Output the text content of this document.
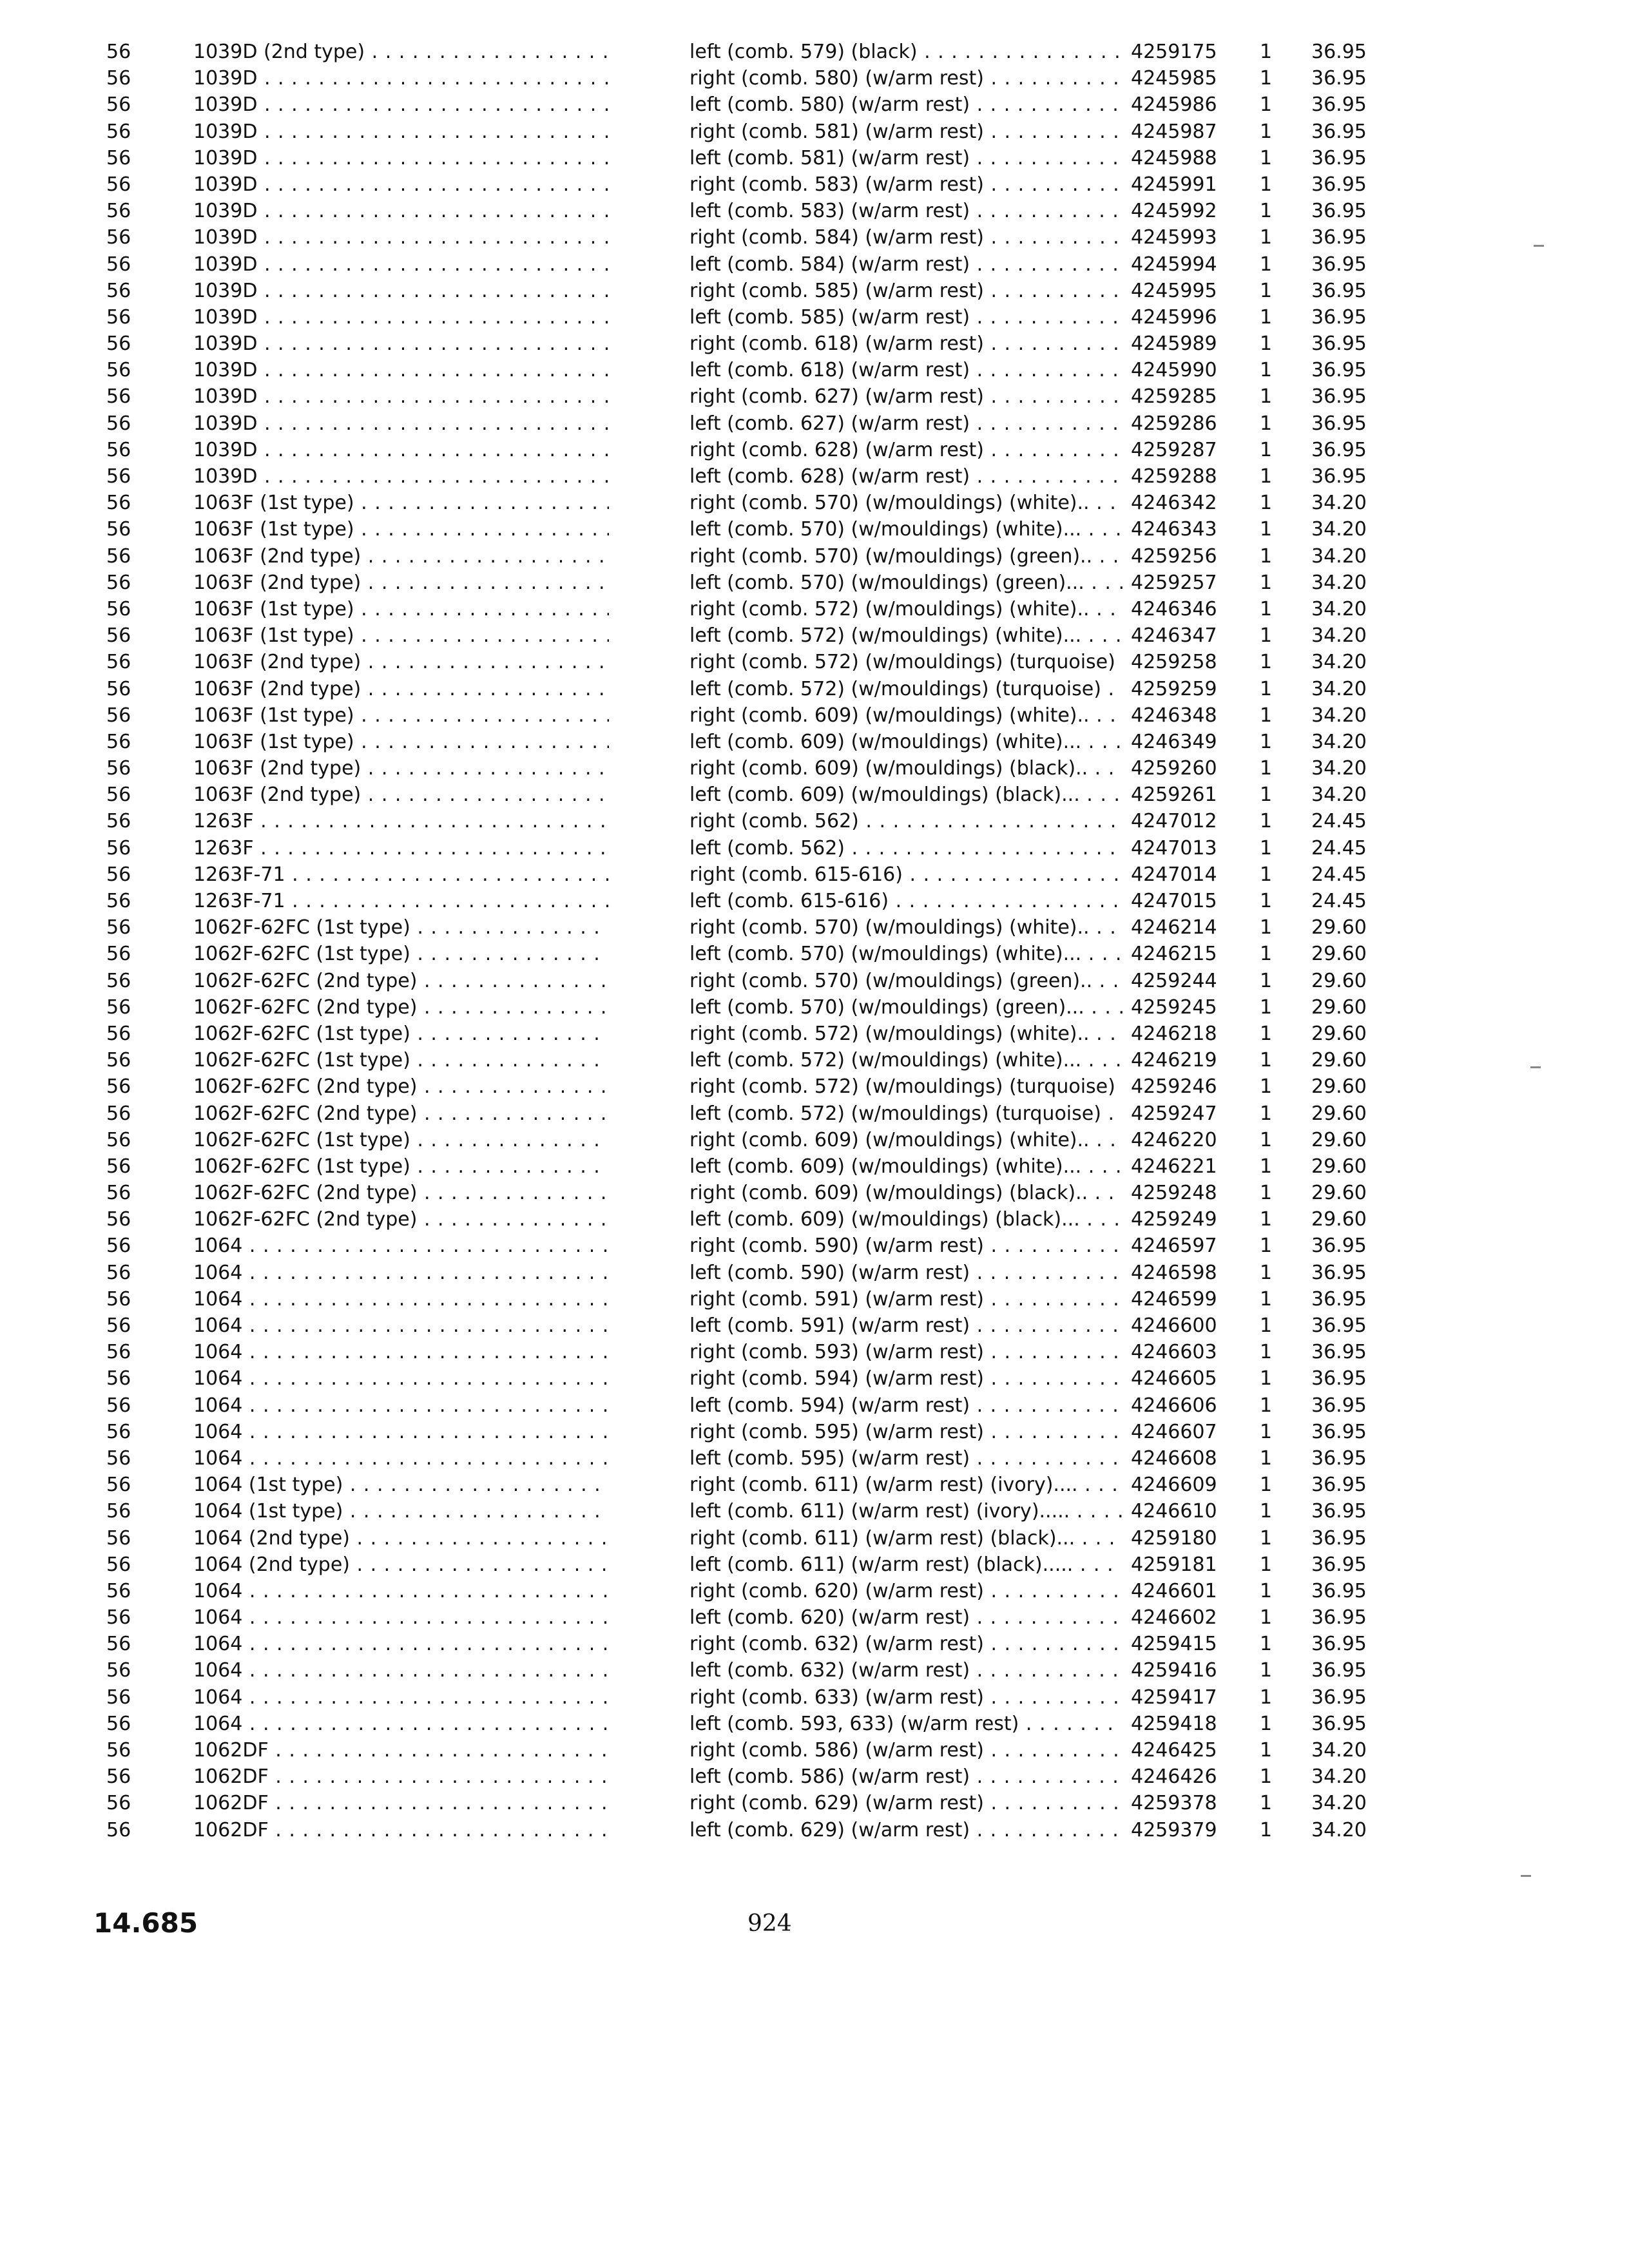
56	1039D (2nd type) . . .	left (comb. 579) (black) . . .	4259175 1 36.95
56	1039D . . .	right (comb. 580) (w/arm rest) . . .	4245985 1 36.95
56	1039D . . .	left (comb. 580) (w/arm rest) . . .	4245986 1 36.95
56	1039D . . .	right (comb. 581) (w/arm rest) . . .	4245987 1 36.95
56	1039D . . .	left (comb. 581) (w/arm rest) . . .	4245988 1 36.95
56	1039D . . .	right (comb. 583) (w/arm rest) . . .	4245991 1 36.95
56	1039D . . .	left (comb. 583) (w/arm rest) . . .	4245992 1 36.95
56	1039D . . .	right (comb. 584) (w/arm rest) . . .	4245993 1 36.95
56	1039D . . .	left (comb. 584) (w/arm rest) . . .	4245994 1 36.95
56	1039D . . .	right (comb. 585) (w/arm rest) . . .	4245995 1 36.95
56	1039D . . .	left (comb. 585) (w/arm rest) . . .	4245996 1 36.95
56	1039D . . .	right (comb. 618) (w/arm rest) . . .	4245989 1 36.95
56	1039D . . .	left (comb. 618) (w/arm rest) . . .	4245990 1 36.95
56	1039D . . .	right (comb. 627) (w/arm rest) . . .	4259285 1 36.95
56	1039D . . .	left (comb. 627) (w/arm rest) . . .	4259286 1 36.95
56	1039D . . .	right (comb. 628) (w/arm rest) . . .	4259287 1 36.95
56	1039D . . .	left (comb. 628) (w/arm rest) . . .	4259288 1 36.95
56	1063F (1st type) . . .	right (comb. 570) (w/mouldings) (white).. . . .	4246342 1 34.20
56	1063F (1st type) . . .	left (comb. 570) (w/mouldings) (white)... . . .	4246343 1 34.20
56	1063F (2nd type) . . .	right (comb. 570) (w/mouldings) (green).. . . .	4259256 1 34.20
56	1063F (2nd type) . . .	left (comb. 570) (w/mouldings) (green)... . . .	4259257 1 34.20
56	1063F (1st type) . . .	right (comb. 572) (w/mouldings) (white).. . . .	4246346 1 34.20
56	1063F (1st type) . . .	left (comb. 572) (w/mouldings) (white)... . . .	4246347 1 34.20
56	1063F (2nd type) . . .	right (comb. 572) (w/mouldings) (turquoise) . . . 4259258 1 34.20
56	1063F (2nd type) . . .	left (comb. 572) (w/mouldings) (turquoise) . . .	4259259 1 34.20
56	1063F (1st type) . . .	right (comb. 609) (w/mouldings) (white).. . . .	4246348 1 34.20
56	1063F (1st type) . . .	left (comb. 609) (w/mouldings) (white)... . . .	4246349 1 34.20
56	1063F (2nd type) . . .	right (comb. 609) (w/mouldings) (black).. . . .	4259260 1 34.20
56	1063F (2nd type) . . .	left (comb. 609) (w/mouldings) (black)... . . .	4259261 1 34.20
56	1263F . . .	right (comb. 562) . . .	4247012 1 24.45
56	1263F . . .	left (comb. 562) . . .	4247013 1 24.45
56	1263F-71 . . .	right (comb. 615-616) . . .	4247014 1 24.45
56	1263F-71 . . .	left (comb. 615-616) . . .	4247015 1 24.45
56	1062F-62FC (1st type) . . .	right (comb. 570) (w/mouldings) (white).. . . .	4246214 1 29.60
56	1062F-62FC (1st type) . . .	left (comb. 570) (w/mouldings) (white)... . . .	4246215 1 29.60
56	1062F-62FC (2nd type) . . .	right (comb. 570) (w/mouldings) (green).. . . .	4259244 1 29.60
56	1062F-62FC (2nd type) . . .	left (comb. 570) (w/mouldings) (green)... . . .	4259245 1 29.60
56	1062F-62FC (1st type) . . .	right (comb. 572) (w/mouldings) (white).. . . .	4246218 1 29.60
56	1062F-62FC (1st type) . . .	left (comb. 572) (w/mouldings) (white)... . . .	4246219 1 29.60
56	1062F-62FC (2nd type) . . .	right (comb. 572) (w/mouldings) (turquoise) . . . 4259246 1 29.60
56	1062F-62FC (2nd type) . . .	left (comb. 572) (w/mouldings) (turquoise) . . .	4259247 1 29.60
56	1062F-62FC (1st type) . . .	right (comb. 609) (w/mouldings) (white).. . . .	4246220 1 29.60
56	1062F-62FC (1st type) . . .	left (comb. 609) (w/mouldings) (white)... . . .	4246221 1 29.60
56	1062F-62FC (2nd type) . . .	right (comb. 609) (w/mouldings) (black).. . . .	4259248 1 29.60
56	1062F-62FC (2nd type) . . .	left (comb. 609) (w/mouldings) (black)... . . .	4259249 1 29.60
56	1064 . . .	right (comb. 590) (w/arm rest) . . .	4246597 1 36.95
56	1064 . . .	left (comb. 590) (w/arm rest) . . .	4246598 1 36.95
56	1064 . . .	right (comb. 591) (w/arm rest) . . .	4246599 1 36.95
56	1064 . . .	left (comb. 591) (w/arm rest) . . .	4246600 1 36.95
56	1064 . . .	right (comb. 593) (w/arm rest) . . .	4246603 1 36.95
56	1064 . . .	right (comb. 594) (w/arm rest) . . .	4246605 1 36.95
56	1064 . . .	left (comb. 594) (w/arm rest) . . .	4246606 1 36.95
56	1064 . . .	right (comb. 595) (w/arm rest) . . .	4246607 1 36.95
56	1064 . . .	left (comb. 595) (w/arm rest) . . .	4246608 1 36.95
56	1064 (1st type) . . .	right (comb. 611) (w/arm rest) (ivory).... . . .	4246609 1 36.95
56	1064 (1st type) . . .	left (comb. 611) (w/arm rest) (ivory)..... . . .	4246610 1 36.95
56	1064 (2nd type) . . .	right (comb. 611) (w/arm rest) (black)... . . .	4259180 1 36.95
56	1064 (2nd type) . . .	left (comb. 611) (w/arm rest) (black)..... . . .	4259181 1 36.95
56	1064 . . .	right (comb. 620) (w/arm rest) . . .	4246601 1 36.95
56	1064 . . .	left (comb. 620) (w/arm rest) . . .	4246602 1 36.95
56	1064 . . .	right (comb. 632) (w/arm rest) . . .	4259415 1 36.95
56	1064 . . .	left (comb. 632) (w/arm rest) . . .	4259416 1 36.95
56	1064 . . .	right (comb. 633) (w/arm rest) . . .	4259417 1 36.95
56	1064 . . .	left (comb. 593, 633) (w/arm rest) . . .	4259418 1 36.95
56	1062DF . . .	right (comb. 586) (w/arm rest) . . .	4246425 1 34.20
56	1062DF . . .	left (comb. 586) (w/arm rest) . . .	4246426 1 34.20
56	1062DF . . .	right (comb. 629) (w/arm rest) . . .	4259378 1 34.20
56	1062DF . . .	left (comb. 629) (w/arm rest) . . .	4259379 1 34.20
14.685	924
